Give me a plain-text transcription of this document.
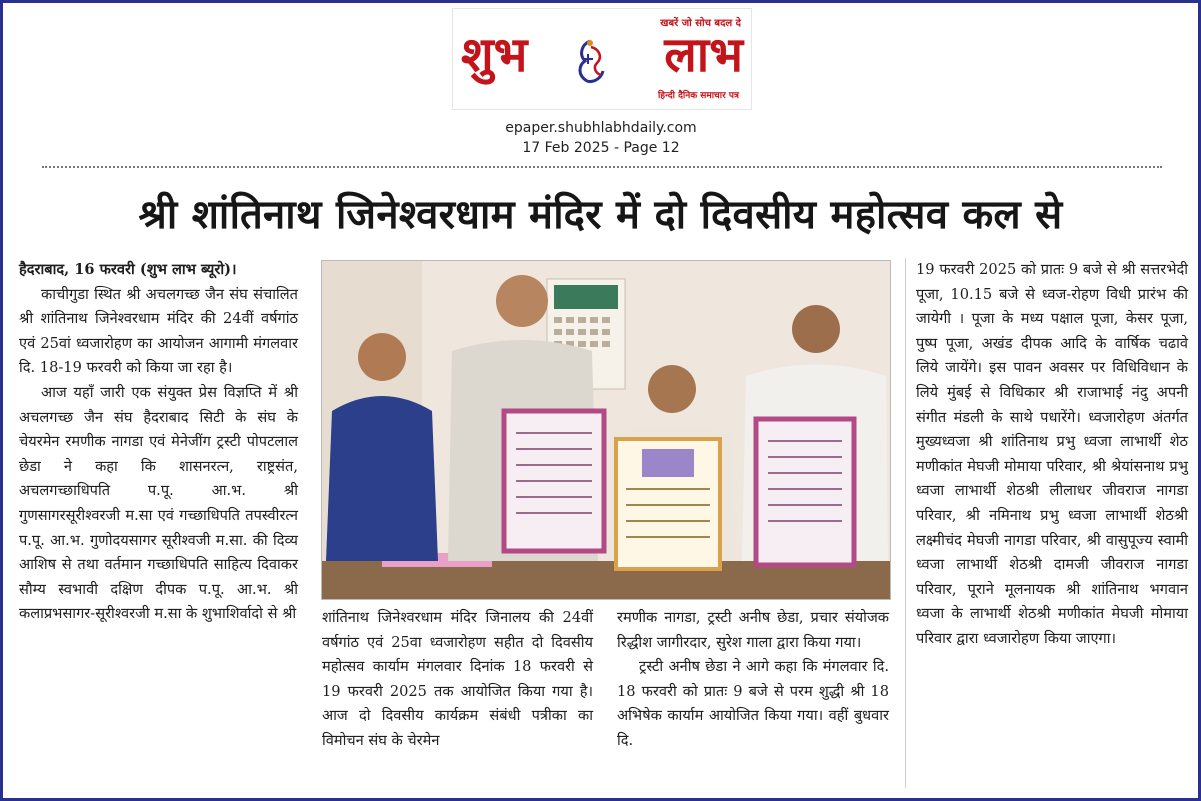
खबरें जो सोच बदल दे
शुभ	लाभ
हिन्दी दैनिक समाचार पत्र
epaper.shubhlabhdaily.com
17 Feb 2025 - Page 12
श्री शांतिनाथ जिनेश्वरधाम मंदिर में दो दिवसीय महोत्सव कल से

हैदराबाद, 16 फरवरी (शुभ लाभ ब्यूरो)।

काचीगुडा स्थित श्री अचलगच्छ जैन संघ संचालित श्री शांतिनाथ जिनेश्वरधाम मंदिर की 24वीं वर्षगांठ एवं 25वां ध्वजारोहण का आयोजन आगामी मंगलवार दि. 18-19 फरवरी को किया जा रहा है।

आज यहाँ जारी एक संयुक्त प्रेस विज्ञप्ति में श्री अचलगच्छ जैन संघ हैदराबाद सिटी के संघ के चेयरमेन रमणीक नागडा एवं मेनेजींग ट्रस्टी पोपटलाल छेडा ने कहा कि शासनरत्न, राष्ट्रसंत, अचलगच्छाधिपति प.पू. आ.भ. श्री गुणसागरसूरीश्वरजी म.सा एवं गच्छाधिपति तपस्वीरत्न प.पू. आ.भ. गुणोदयसागर सूरीश्वजी म.सा. की दिव्य आशिष से तथा वर्तमान गच्छाधिपति साहित्य दिवाकर सौम्य स्वभावी दक्षिण दीपक प.पू. आ.भ. श्री कलाप्रभसागर-सूरीश्वरजी म.सा के शुभाशिर्वादो से श्री शांतिनाथ जिनेश्वरधाम मंदिर जिनालय की 24वीं वर्षगांठ एवं 25वा ध्वजारोहण सहीत दो दिवसीय महोत्सव कार्याम मंगलवार दिनांक 18 फरवरी से 19 फरवरी 2025 तक आयोजित किया गया है। आज दो दिवसीय कार्यक्रम संबंधी पत्रीका का विमोचन संघ के चेरमेन

रमणीक नागडा, ट्रस्टी अनीष छेडा, प्रचार संयोजक रिद्धीश जागीरदार, सुरेश गाला द्वारा किया गया।

ट्रस्टी अनीष छेडा ने आगे कहा कि मंगलवार दि. 18 फरवरी को प्रातः 9 बजे से परम शुद्धी श्री 18 अभिषेक कार्याम आयोजित किया गया। वहीं बुधवार दि.

19 फरवरी 2025 को प्रातः 9 बजे से श्री सत्तरभेदी पूजा, 10.15 बजे से ध्वज-रोहण विधी प्रारंभ की जायेगी । पूजा के मध्य पक्षाल पूजा, केसर पूजा, पुष्प पूजा, अखंड दीपक आदि के वार्षिक चढावे लिये जायेंगे। इस पावन अवसर पर विधिविधान के लिये मुंबई से विधिकार श्री राजाभाई नंदु अपनी संगीत मंडली के साथे पधारेंगे। ध्वजारोहण अंतर्गत मुख्यध्वजा श्री शांतिनाथ प्रभु ध्वजा लाभार्थी शेठ मणीकांत मेघजी मोमाया परिवार, श्री श्रेयांसनाथ प्रभु ध्वजा लाभार्थी शेठश्री लीलाधर जीवराज नागडा परिवार, श्री नमिनाथ प्रभु ध्वजा लाभार्थी शेठश्री लक्ष्मीचंद मेघजी नागडा परिवार, श्री वासुपूज्य स्वामी ध्वजा लाभार्थी शेठश्री दामजी जीवराज नागडा परिवार, पूराने मूलनायक श्री शांतिनाथ भगवान ध्वजा के लाभार्थी शेठश्री मणीकांत मेघजी मोमाया परिवार द्वारा ध्वजारोहण किया जाएगा।
